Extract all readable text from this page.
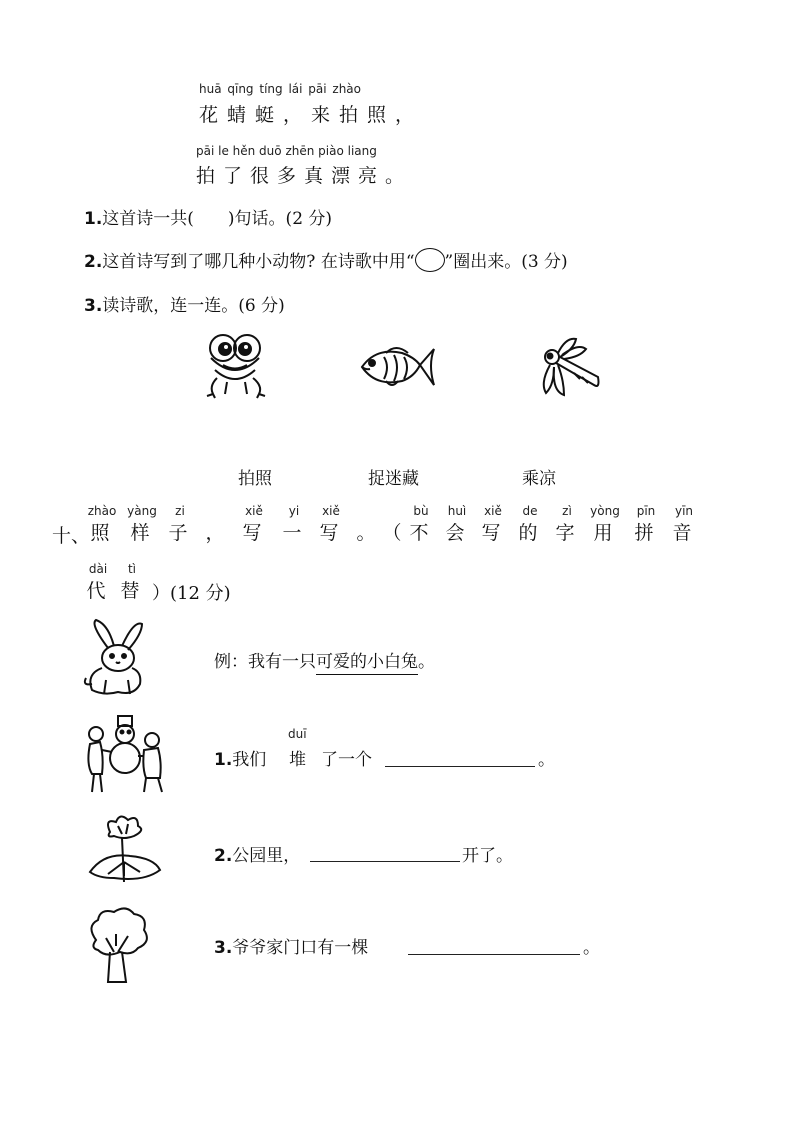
huā qīng tíng lái pāi zhào
花蜻蜓，来拍照，
pāi le hěn duō zhēn piào liang
拍了很多真漂亮。
1.这首诗一共(　　)句话。(2 分)
2.这首诗写到了哪几种小动物? 在诗歌中用“ ”圈出来。(3 分)
3.读诗歌，连一连。(6 分)
拍照	捉迷藏	乘凉
十、
zhào
照
yàng
样
zi
子
，
xiě
写
yi
一
xiě
写
。
（
bù
不
huì
会
xiě
写
de
的
zì
字
yòng
用
pīn
拼
yīn
音
dài
代
tì
替 ）(12 分)
例：我有一只可爱的小白兔。
1.我们
duī
堆 了一个	。
2.公园里，	开了。
3.爷爷家门口有一棵	。
